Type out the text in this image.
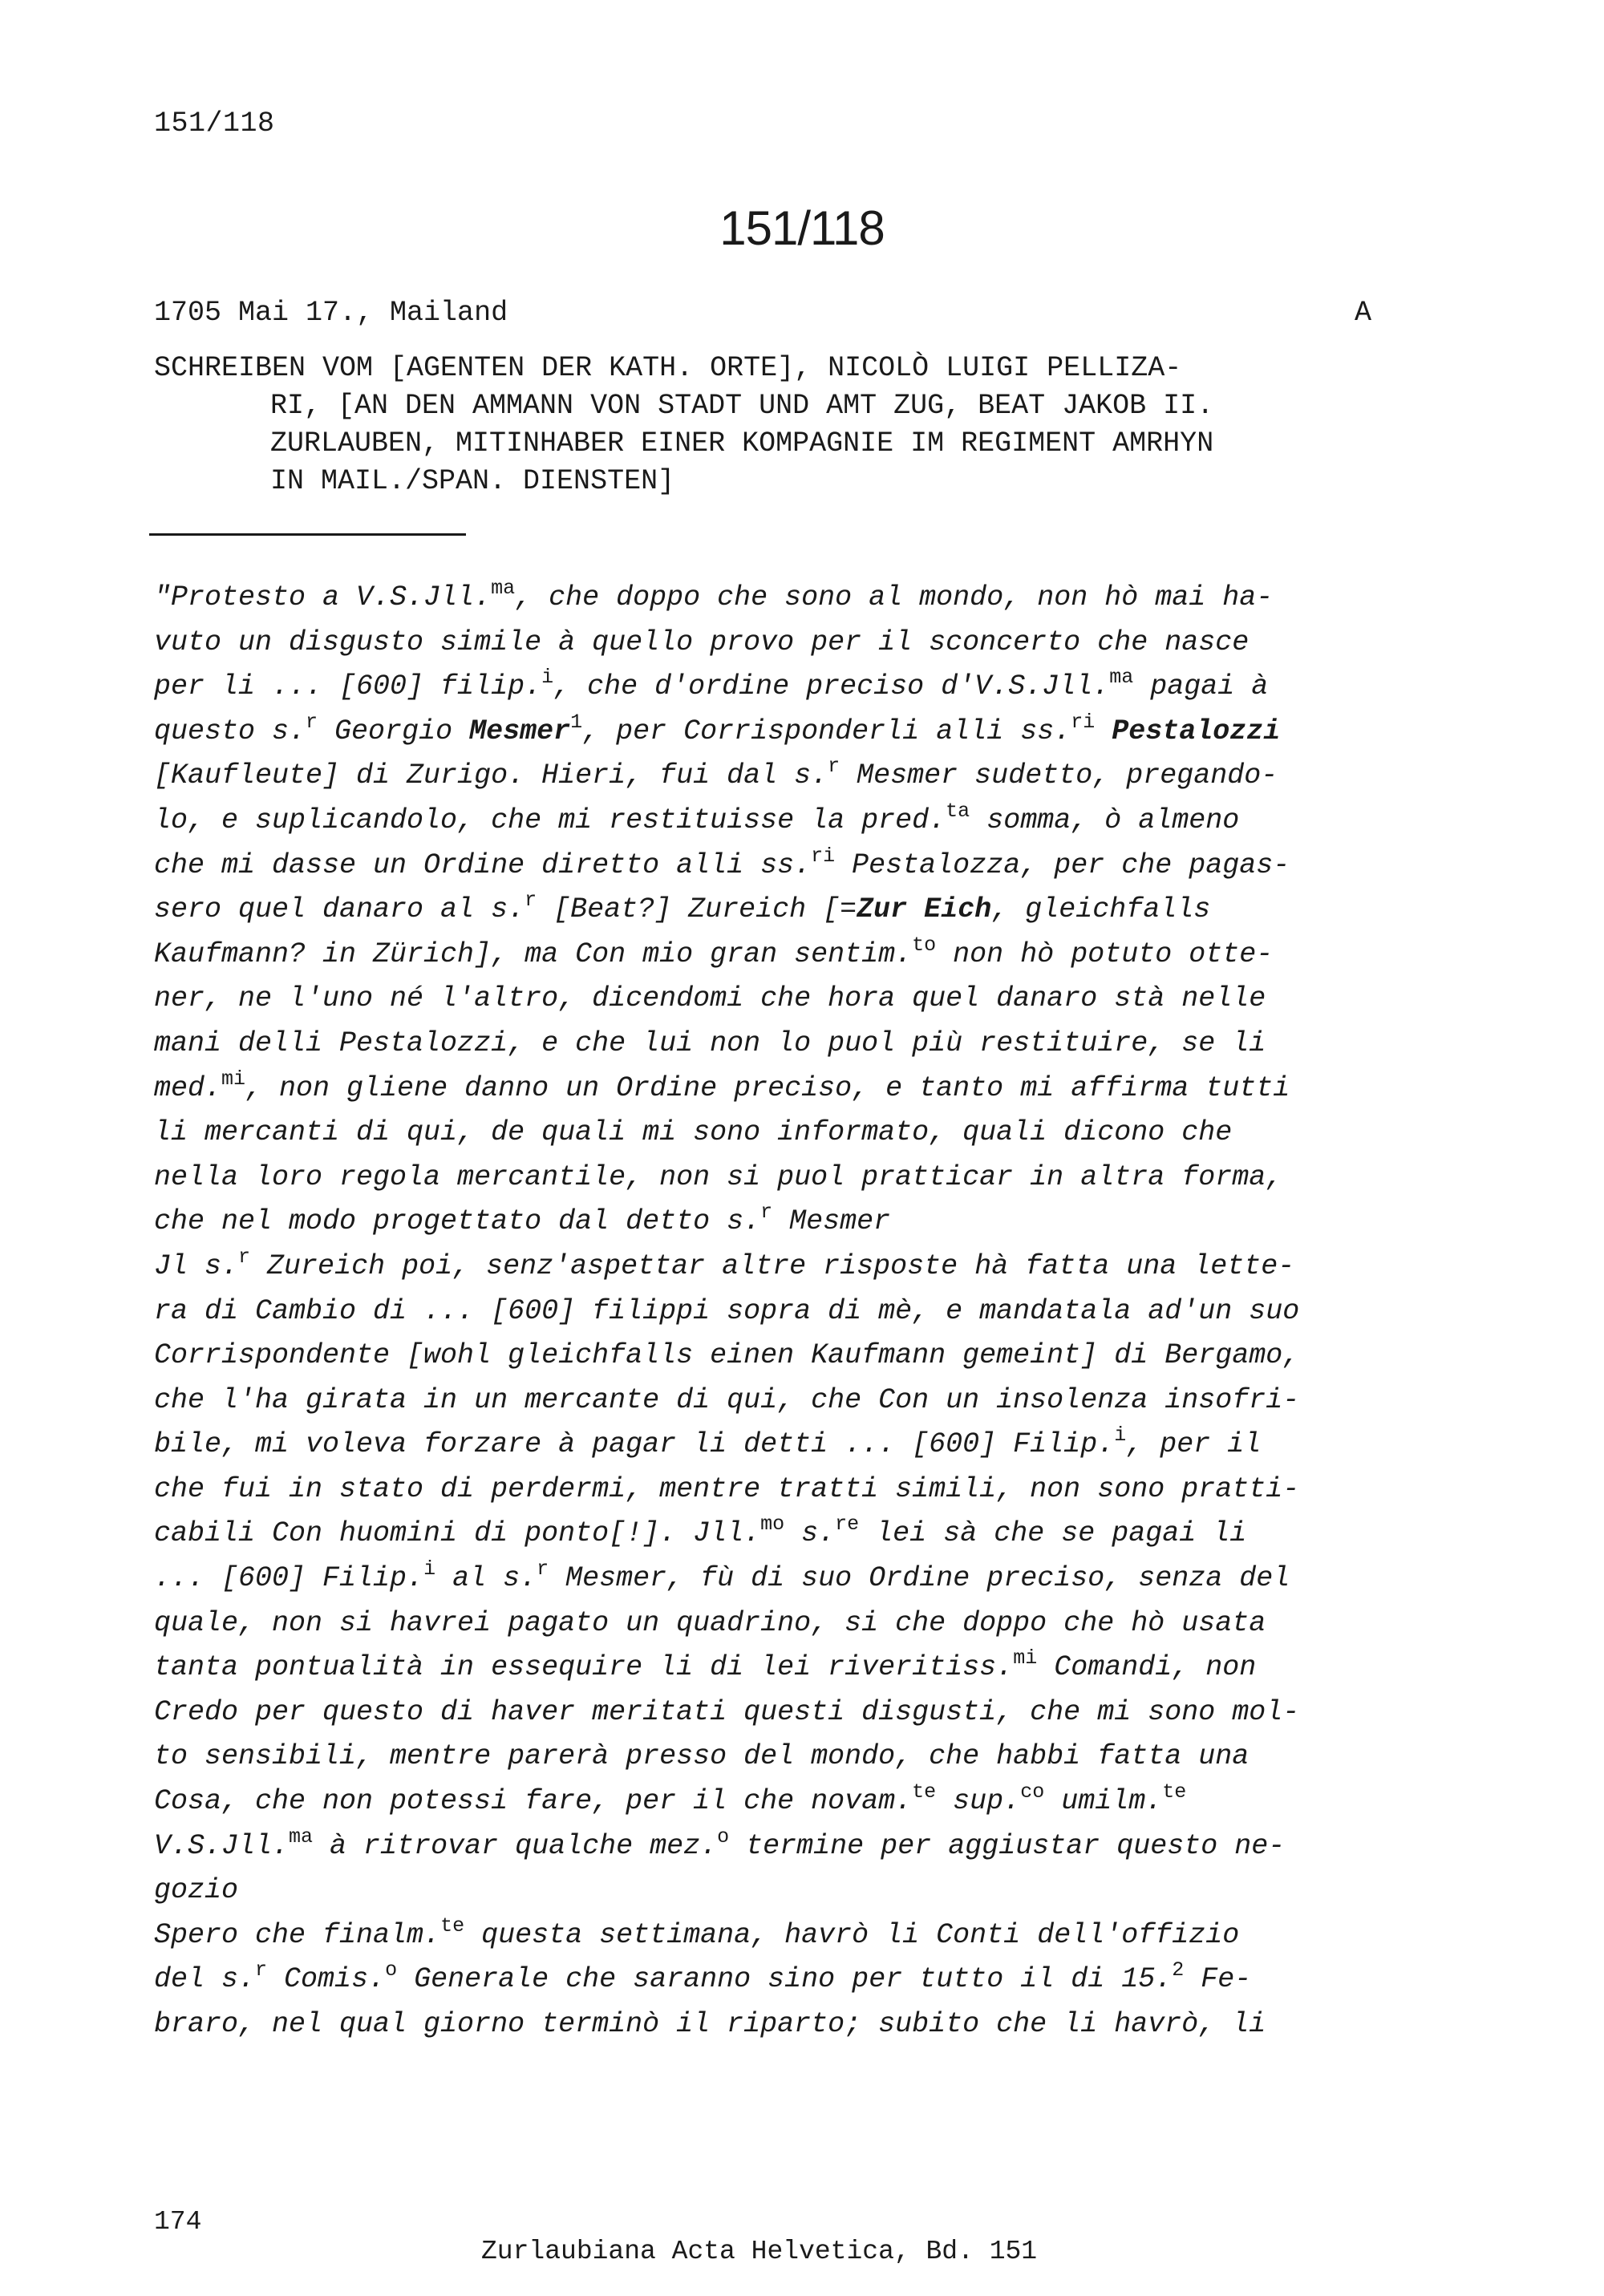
151/118
151/118
1705 Mai 17., Mailand	A
SCHREIBEN VOM [AGENTEN DER KATH. ORTE], NICOLÒ LUIGI PELLIZA-
RI, [AN DEN AMMANN VON STADT UND AMT ZUG, BEAT JAKOB II.
ZURLAUBEN, MITINHABER EINER KOMPAGNIE IM REGIMENT AMRHYN
IN MAIL./SPAN. DIENSTEN]
"Protesto a V.S.Jll.$^{ma}$, che doppo che sono al mondo, non hò mai ha-
vuto un disgusto simile à quello provo per il sconcerto che nasce
per li ... [600] filip.$^i$, che d'ordine preciso d'V.S.Jll.$^{ma}$ pagai à
questo s.$^r$ Georgio Mesmer$^1$, per Corrisponderli alli ss.$^{ri}$ Pestalozzi
[Kaufleute] di Zurigo. Hieri, fui dal s.$^r$ Mesmer sudetto, pregando-
lo, e suplicandolo, che mi restituisse la pred.$^{ta}$ somma, ò almeno
che mi dasse un Ordine diretto alli ss.$^{ri}$ Pestalozza, per che pagas-
sero quel danaro al s.$^r$ [Beat?] Zureich [=Zur Eich, gleichfalls
Kaufmann? in Zürich], ma Con mio gran sentim.$^{to}$ non hò potuto otte-
ner, ne l'uno né l'altro, dicendomi che hora quel danaro stà nelle
mani delli Pestalozzi, e che lui non lo puol più restituire, se li
med.$^{mi}$, non gliene danno un Ordine preciso, e tanto mi affirma tutti
li mercanti di qui, de quali mi sono informato, quali dicono che
nella loro regola mercantile, non si puol pratticar in altra forma,
che nel modo progettato dal detto s.$^r$ Mesmer
Jl s.$^r$ Zureich poi, senz'aspettar altre risposte hà fatta una lette-
ra di Cambio di ... [600] filippi sopra di mè, e mandatala ad'un suo
Corrispondente [wohl gleichfalls einen Kaufmann gemeint] di Bergamo,
che l'ha girata in un mercante di qui, che Con un insolenza insofri-
bile, mi voleva forzare à pagar li detti ... [600] Filip.$^i$, per il
che fui in stato di perdermi, mentre tratti simili, non sono pratti-
cabili Con huomini di ponto[!]. Jll.$^{mo}$ s.$^{re}$ lei sà che se pagai li
... [600] Filip.$^i$ al s.$^r$ Mesmer, fù di suo Ordine preciso, senza del
quale, non si havrei pagato un quadrino, si che doppo che hò usata
tanta pontualità in essequire li di lei riveritiss.$^{mi}$ Comandi, non
Credo per questo di haver meritati questi disgusti, che mi sono mol-
to sensibili, mentre parerà presso del mondo, che habbi fatta una
Cosa, che non potessi fare, per il che novam.$^{te}$ sup.$^{co}$ umilm.$^{te}$
V.S.Jll.$^{ma}$ à ritrovar qualche mez.$^o$ termine per aggiustar questo ne-
gozio
Spero che finalm.$^{te}$ questa settimana, havrò li Conti dell'offizio
del s.$^r$ Comis.$^o$ Generale che saranno sino per tutto il di 15.$^2$ Fe-
braro, nel qual giorno terminò il riparto; subito che li havrò, li

174

Zurlaubiana Acta Helvetica, Bd. 151
